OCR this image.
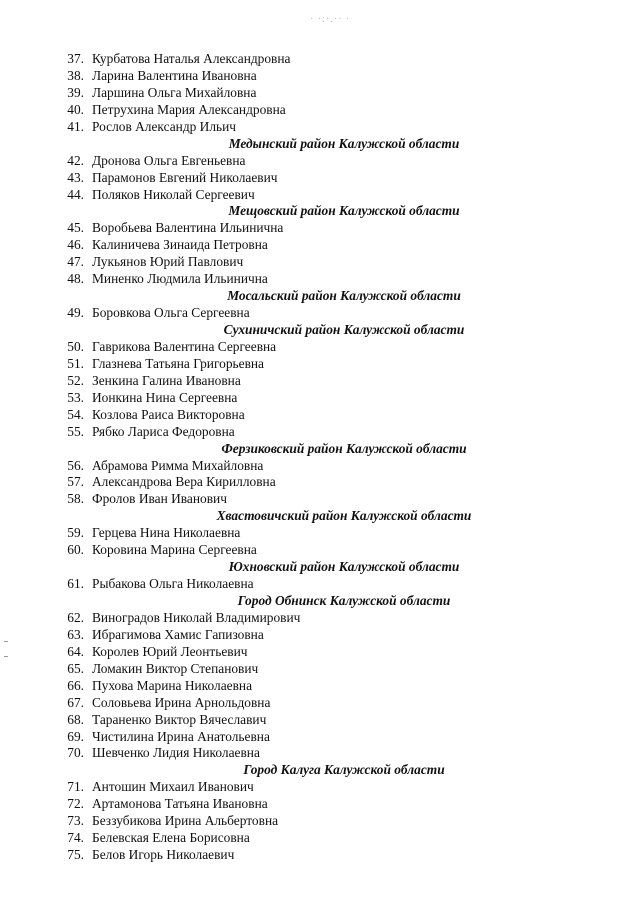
· ·:·.·· ·
37. Курбатова Наталья Александровна
38. Ларина Валентина Ивановна
39. Ларшина Ольга Михайловна
40. Петрухина Мария Александровна
41. Рослов Александр Ильич
Медынский район Калужской области
42. Дронова Ольга Евгеньевна
43. Парамонов Евгений Николаевич
44. Поляков Николай Сергеевич
Мещовский район Калужской области
45. Воробьева Валентина Ильинична
46. Калиничева Зинаида Петровна
47. Лукьянов Юрий Павлович
48. Миненко Людмила Ильинична
Мосальский район Калужской области
49. Боровкова Ольга Сергеевна
Сухиничский район Калужской области
50. Гаврикова Валентина Сергеевна
51. Глазнева Татьяна Григорьевна
52. Зенкина Галина Ивановна
53. Ионкина Нина Сергеевна
54. Козлова Раиса Викторовна
55. Рябко Лариса Федоровна
Ферзиковский район Калужской области
56. Абрамова Римма Михайловна
57. Александрова Вера Кирилловна
58. Фролов Иван Иванович
Хвастовичский район Калужской области
59. Герцева Нина Николаевна
60. Коровина Марина Сергеевна
Юхновский район Калужской области
61. Рыбакова Ольга Николаевна
Город Обнинск Калужской области
62. Виноградов Николай Владимирович
63. Ибрагимова Хамис Гапизовна
64. Королев Юрий Леонтьевич
65. Ломакин Виктор Степанович
66. Пухова Марина Николаевна
67. Соловьева Ирина Арнольдовна
68. Тараненко Виктор Вячеславич
69. Чистилина Ирина Анатольевна
70. Шевченко Лидия Николаевна
Город Калуга Калужской области
71. Антошин Михаил Иванович
72. Артамонова Татьяна Ивановна
73. Беззубикова Ирина Альбертовна
74. Белевская Елена Борисовна
75. Белов Игорь Николаевич
